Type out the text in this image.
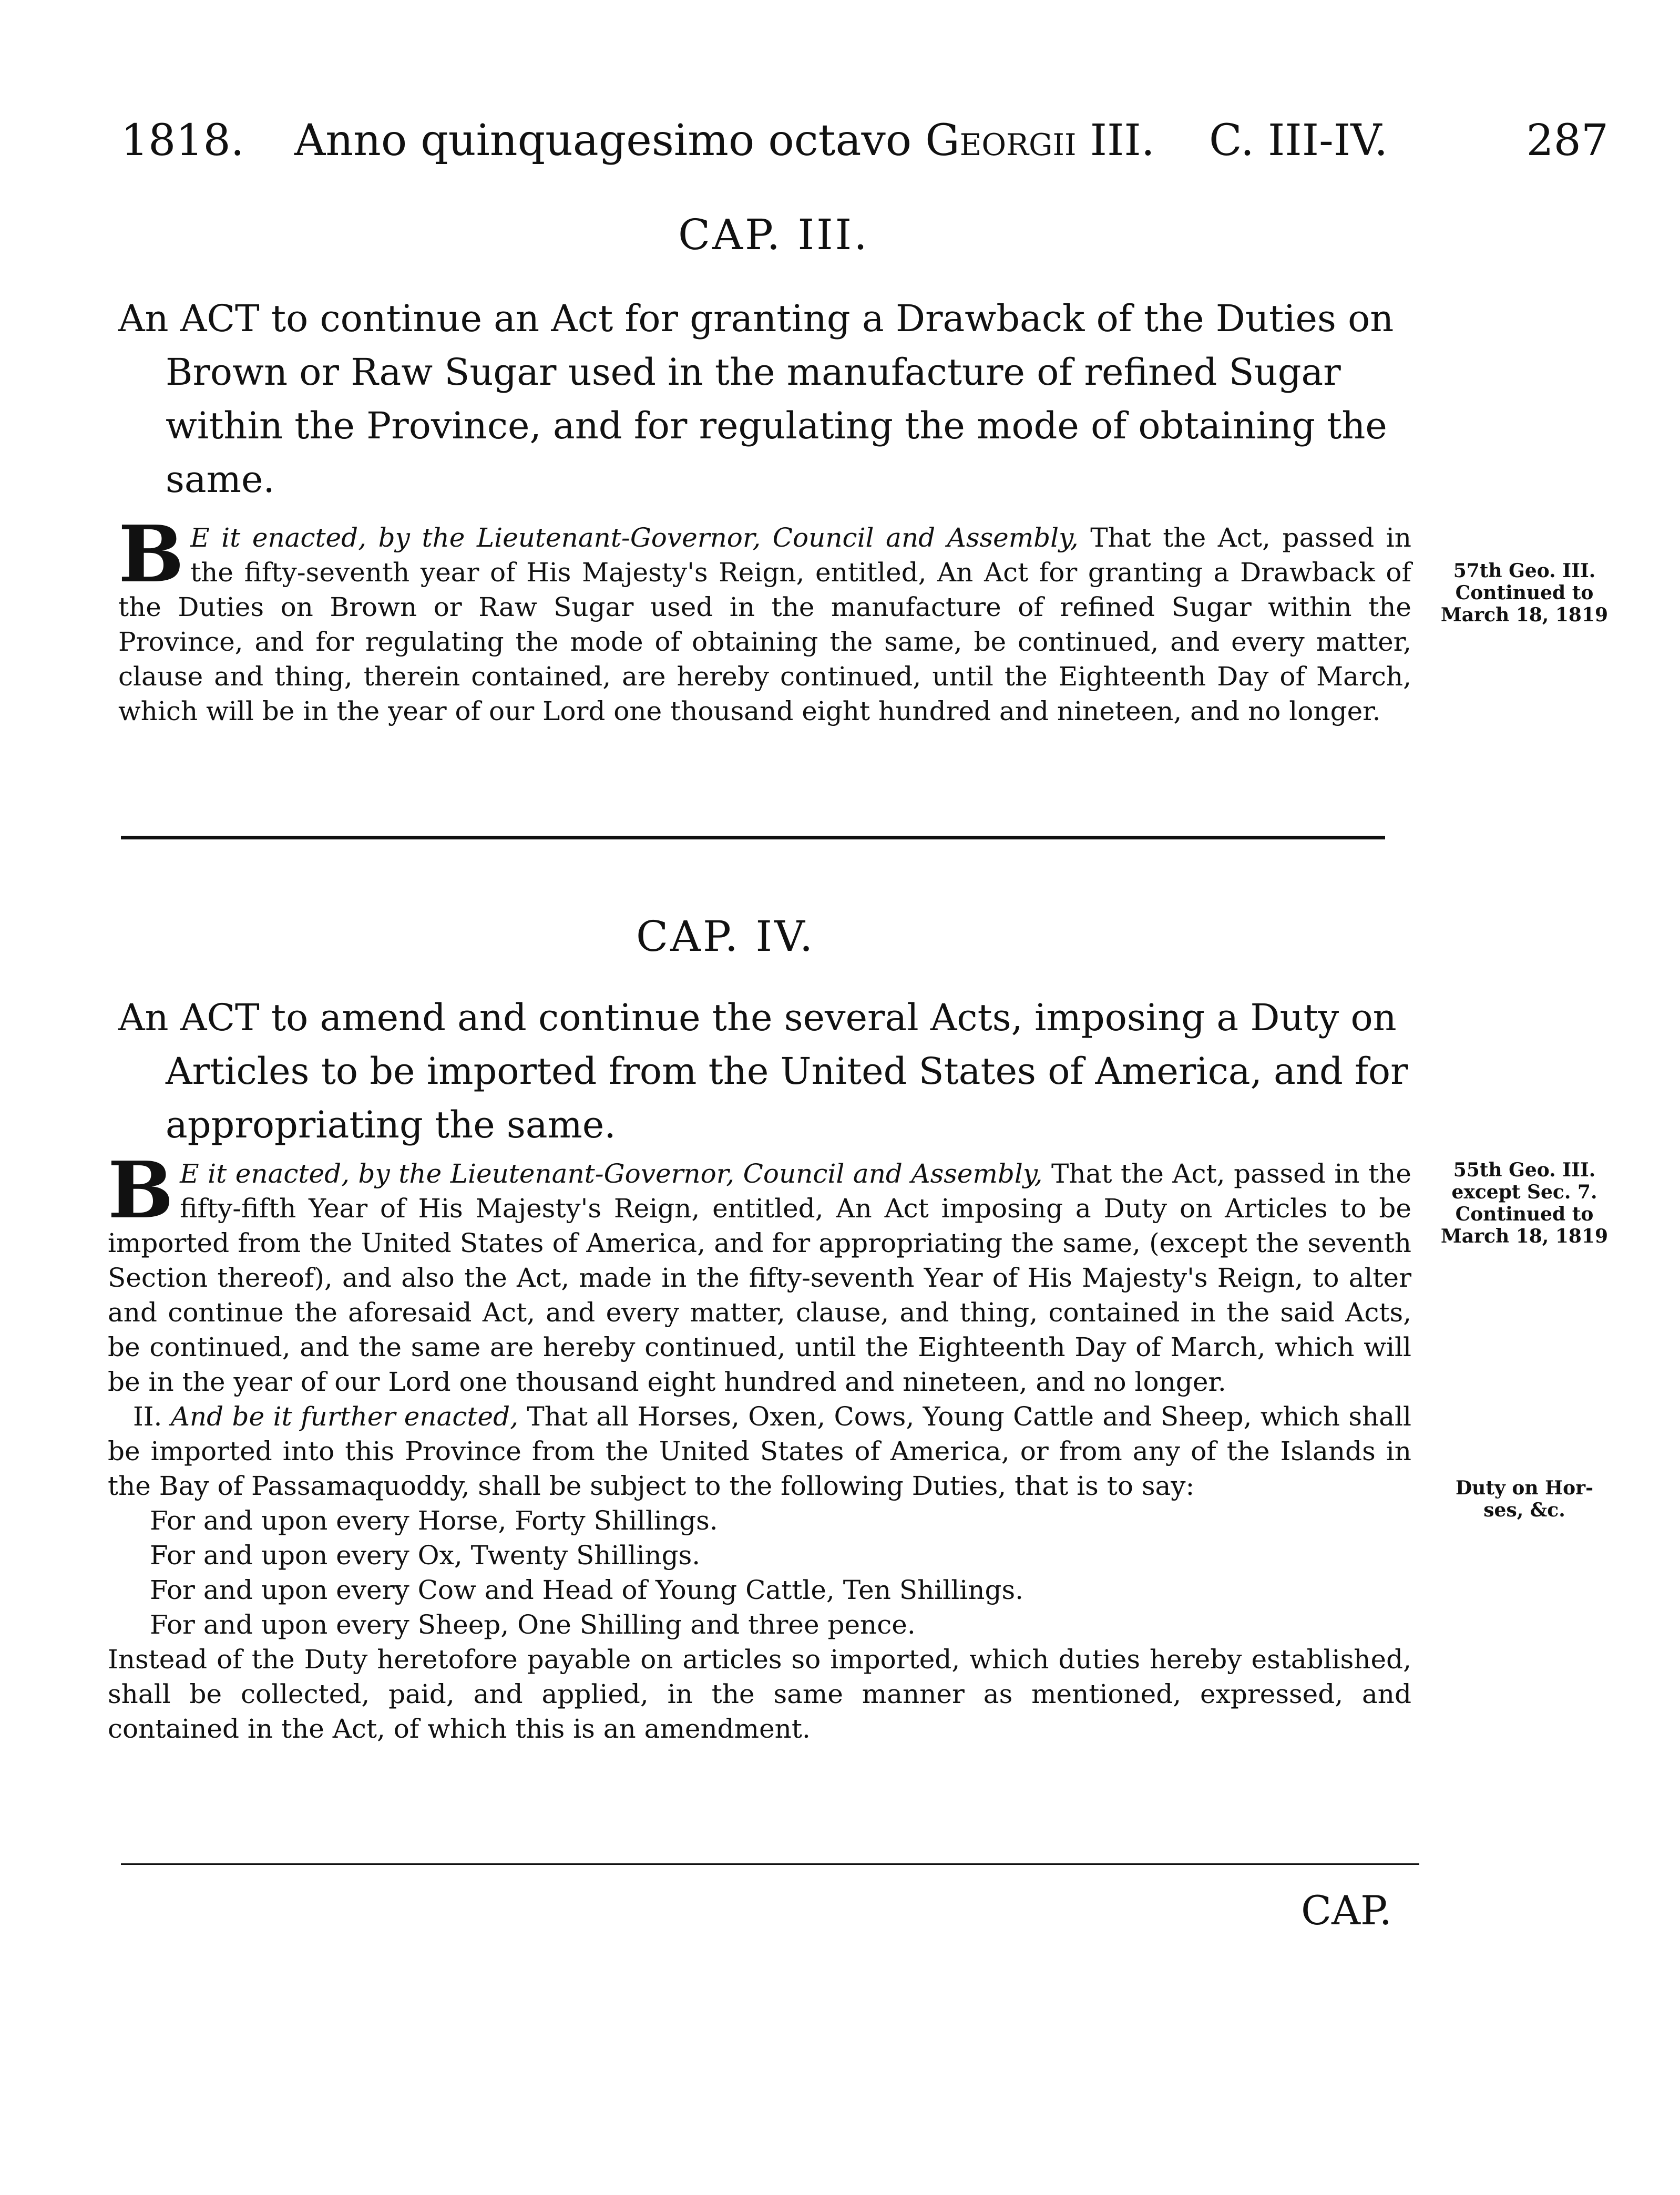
1818. Anno quinquagesimo octavo Georgii III. C. III-IV.	287
CAP. III.
An ACT to continue an Act for granting a Drawback of the Duties on Brown or Raw Sugar used in the manufacture of refined Sugar within the Province, and for regulating the mode of obtaining the same.

B E it enacted, by the Lieutenant-Governor, Council and Assembly, That the Act, passed in the fifty-seventh year of His Majesty's Reign, entitled, An Act for granting a Drawback of the Duties on Brown or Raw Sugar used in the manufacture of refined Sugar within the Province, and for regulating the mode of obtaining the same, be continued, and every matter, clause and thing, therein contained, are hereby continued, until the Eighteenth Day of March, which will be in the year of our Lord one thousand eight hundred and nineteen, and no longer.

57th Geo. III.
Continued to
March 18, 1819
CAP. IV.
An ACT to amend and continue the several Acts, imposing a Duty on Articles to be imported from the United States of America, and for appropriating the same.

B E it enacted, by the Lieutenant-Governor, Council and Assembly, That the Act, passed in the fifty-fifth Year of His Majesty's Reign, entitled, An Act imposing a Duty on Articles to be imported from the United States of America, and for appropriating the same, (except the seventh Section thereof), and also the Act, made in the fifty-seventh Year of His Majesty's Reign, to alter and continue the aforesaid Act, and every matter, clause, and thing, contained in the said Acts, be continued, and the same are hereby continued, until the Eighteenth Day of March, which will be in the year of our Lord one thousand eight hundred and nineteen, and no longer.

II. And be it further enacted, That all Horses, Oxen, Cows, Young Cattle and Sheep, which shall be imported into this Province from the United States of America, or from any of the Islands in the Bay of Passamaquoddy, shall be subject to the following Duties, that is to say:

For and upon every Horse, Forty Shillings.

For and upon every Ox, Twenty Shillings.

For and upon every Cow and Head of Young Cattle, Ten Shillings.

For and upon every Sheep, One Shilling and three pence.

Instead of the Duty heretofore payable on articles so imported, which duties hereby established, shall be collected, paid, and applied, in the same manner as mentioned, expressed, and contained in the Act, of which this is an amendment.

55th Geo. III.
except Sec. 7.
Continued to
March 18, 1819
Duty on Hor-
ses, &c.
CAP.
